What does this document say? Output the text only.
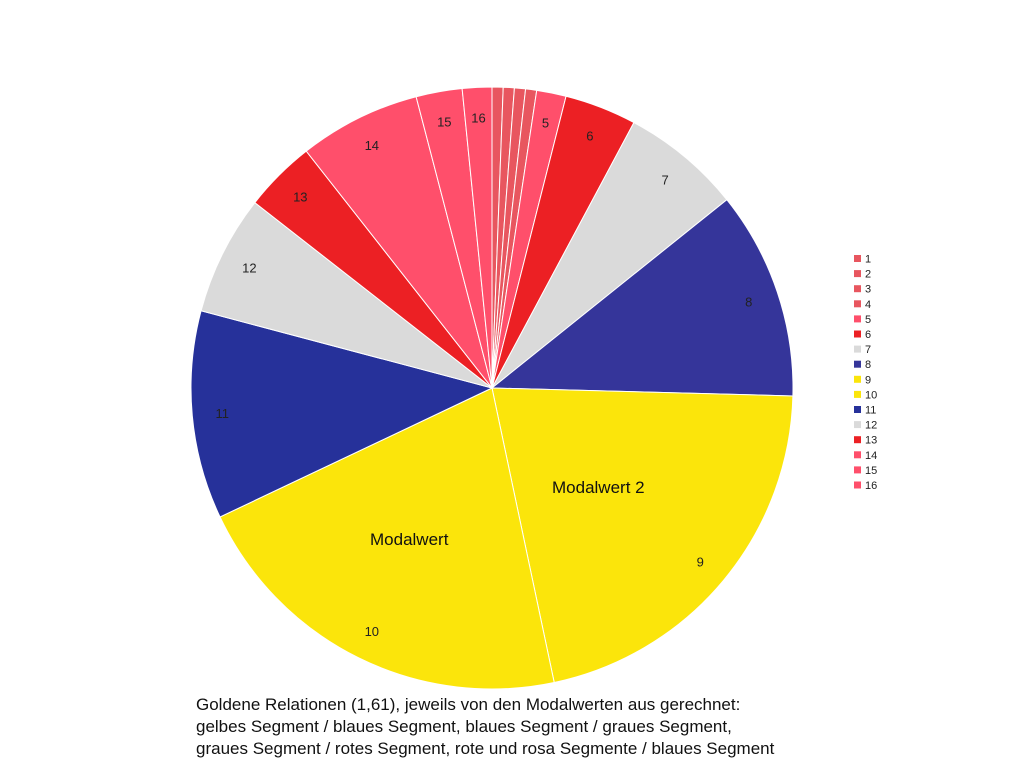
5
6
7
8
9
10
11
12
13
14
15 16
Modalwert 2
Modalwert
1
2
3
4
5
6
7
8
9
10
11
12
13
14
15
16
Goldene Relationen (1,61), jeweils von den Modalwerten aus gerechnet:
gelbes Segment / blaues Segment, blaues Segment / graues Segment,
graues Segment / rotes Segment, rote und rosa Segmente / blaues Segment
